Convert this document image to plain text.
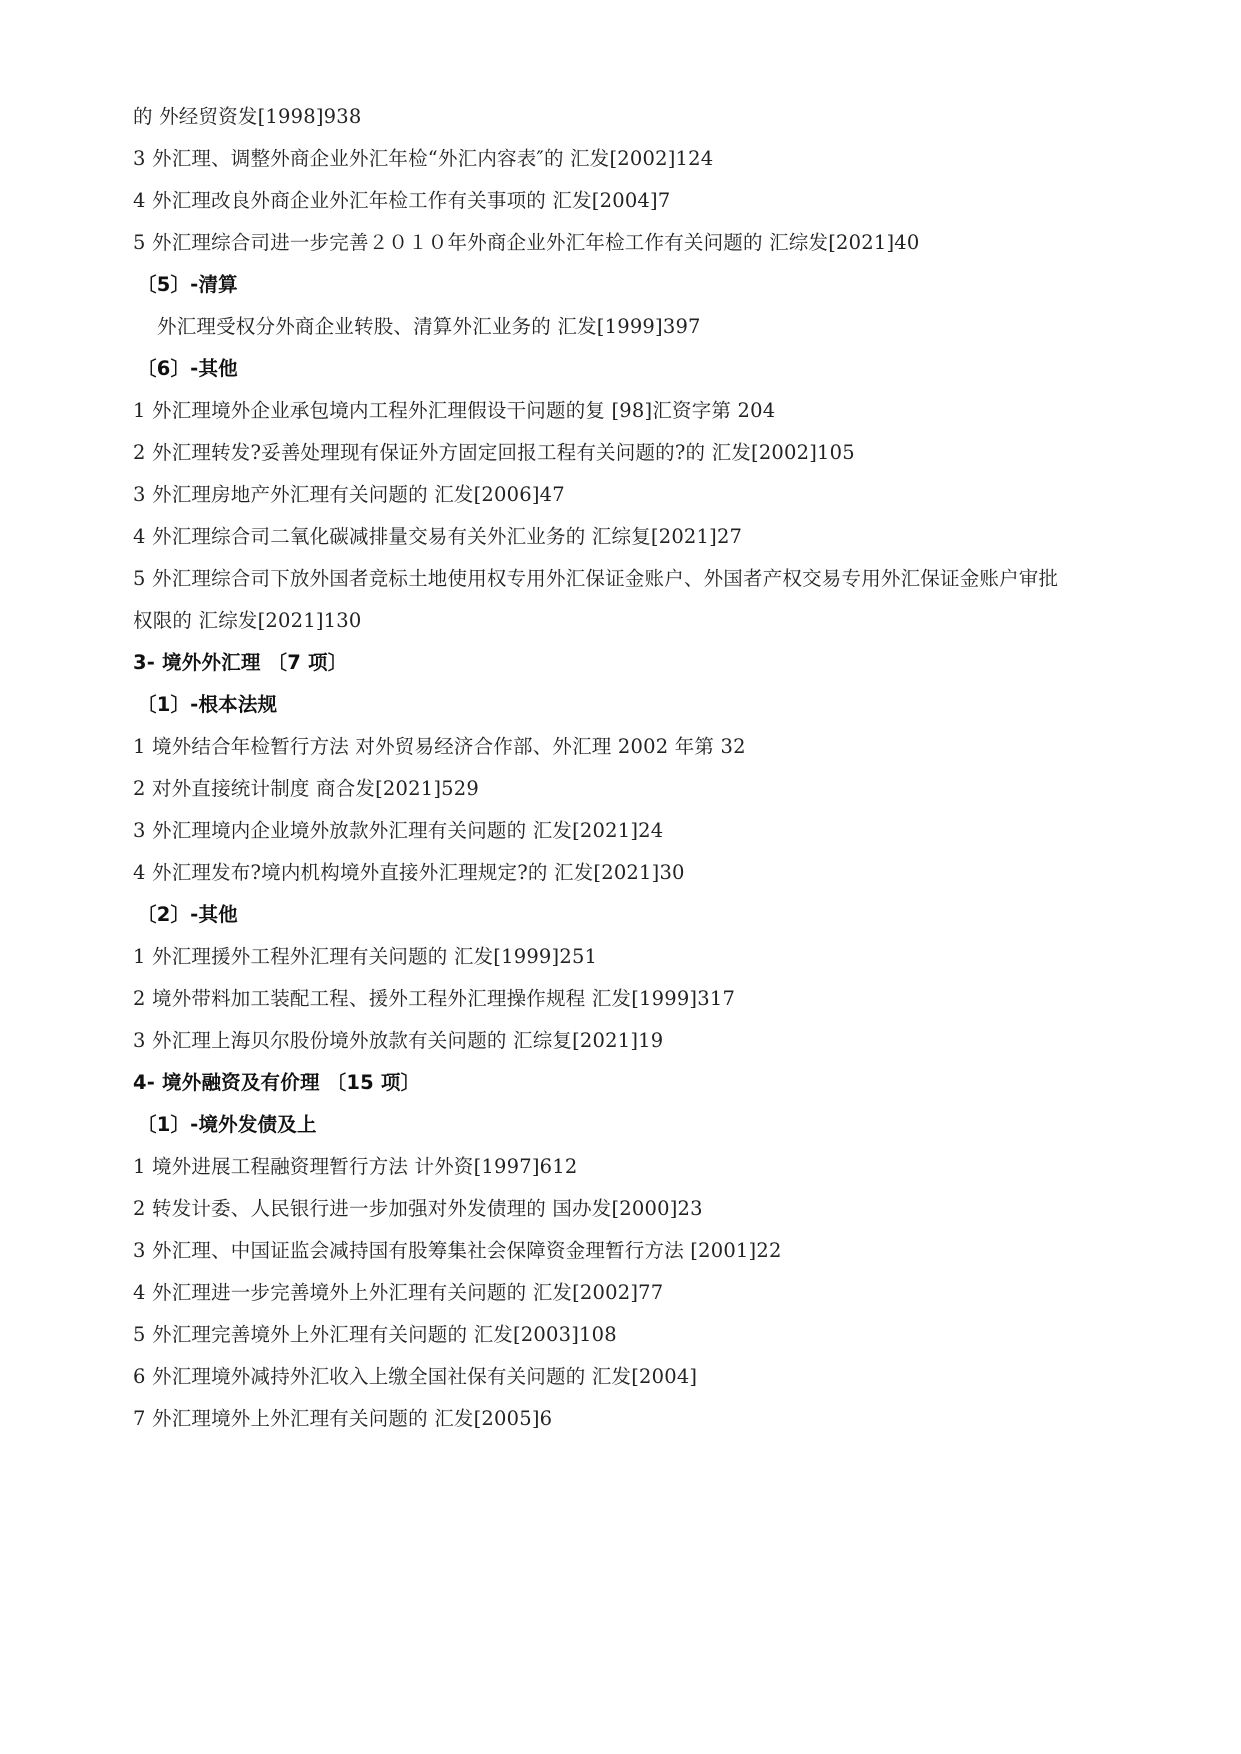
的 外经贸资发[1998]938
3 外汇理、调整外商企业外汇年检“外汇内容表″的 汇发[2002]124
4 外汇理改良外商企业外汇年检工作有关事项的 汇发[2004]7
5 外汇理综合司进一步完善２０１０年外商企业外汇年检工作有关问题的 汇综发[2021]40
〔5〕-清算
外汇理受权分外商企业转股、清算外汇业务的 汇发[1999]397
〔6〕-其他
1 外汇理境外企业承包境内工程外汇理假设干问题的复 [98]汇资字第 204
2 外汇理转发?妥善处理现有保证外方固定回报工程有关问题的?的 汇发[2002]105
3 外汇理房地产外汇理有关问题的 汇发[2006]47
4 外汇理综合司二氧化碳减排量交易有关外汇业务的 汇综复[2021]27
5 外汇理综合司下放外国者竞标土地使用权专用外汇保证金账户、外国者产权交易专用外汇保证金账户审批
权限的 汇综发[2021]130
3- 境外外汇理 〔7 项〕
〔1〕-根本法规
1 境外结合年检暂行方法 对外贸易经济合作部、外汇理 2002 年第 32
2 对外直接统计制度 商合发[2021]529
3 外汇理境内企业境外放款外汇理有关问题的 汇发[2021]24
4 外汇理发布?境内机构境外直接外汇理规定?的 汇发[2021]30
〔2〕-其他
1 外汇理援外工程外汇理有关问题的 汇发[1999]251
2 境外带料加工装配工程、援外工程外汇理操作规程 汇发[1999]317
3 外汇理上海贝尔股份境外放款有关问题的 汇综复[2021]19
4- 境外融资及有价理 〔15 项〕
〔1〕-境外发债及上
1 境外进展工程融资理暂行方法 计外资[1997]612
2 转发计委、人民银行进一步加强对外发债理的 国办发[2000]23
3 外汇理、中国证监会减持国有股筹集社会保障资金理暂行方法 [2001]22
4 外汇理进一步完善境外上外汇理有关问题的 汇发[2002]77
5 外汇理完善境外上外汇理有关问题的 汇发[2003]108
6 外汇理境外减持外汇收入上缴全国社保有关问题的 汇发[2004]
7 外汇理境外上外汇理有关问题的 汇发[2005]6
